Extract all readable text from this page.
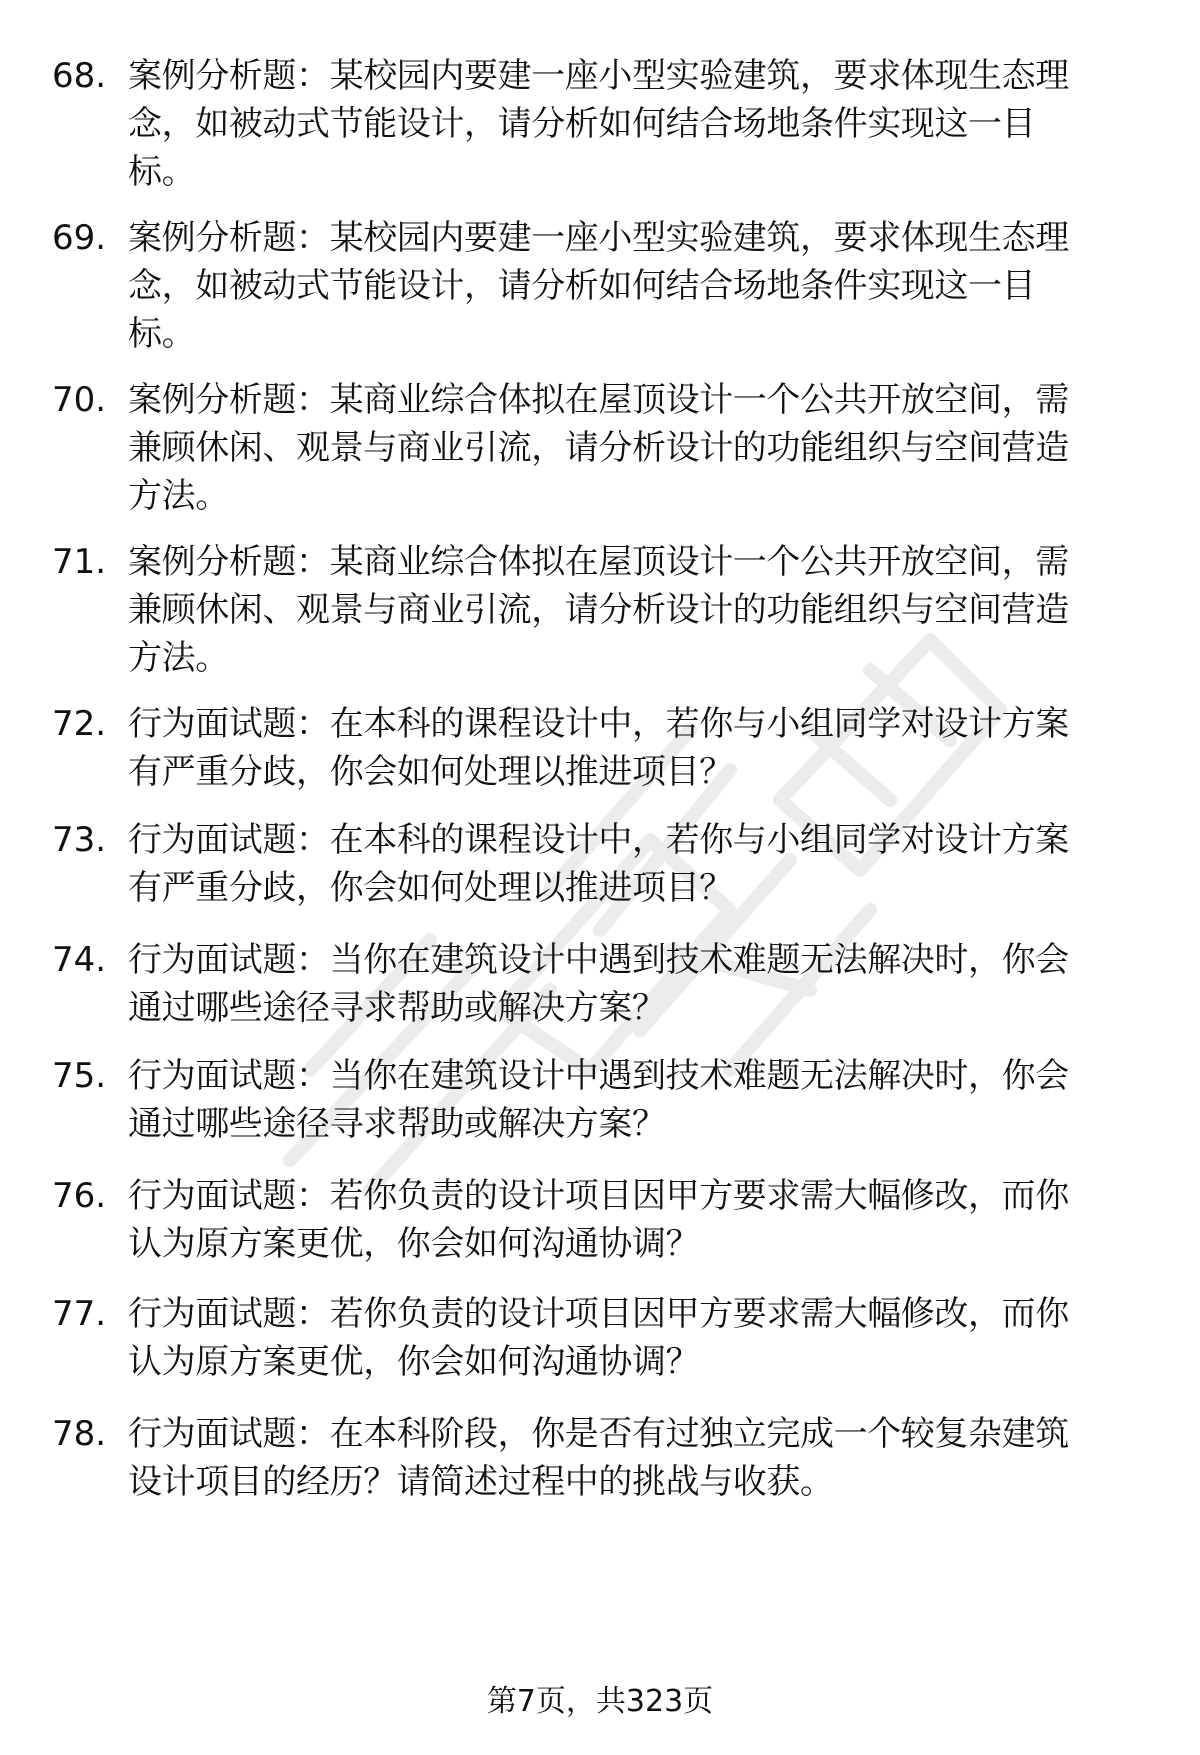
68. 案例分析题：某校园内要建一座小型实验建筑，要求体现生态理
念，如被动式节能设计，请分析如何结合场地条件实现这一目
标。
69. 案例分析题：某校园内要建一座小型实验建筑，要求体现生态理
念，如被动式节能设计，请分析如何结合场地条件实现这一目
标。
70. 案例分析题：某商业综合体拟在屋顶设计一个公共开放空间，需
兼顾休闲、观景与商业引流，请分析设计的功能组织与空间营造
方法。
71. 案例分析题：某商业综合体拟在屋顶设计一个公共开放空间，需
兼顾休闲、观景与商业引流，请分析设计的功能组织与空间营造
方法。
72. 行为面试题：在本科的课程设计中，若你与小组同学对设计方案
有严重分歧，你会如何处理以推进项目？
73. 行为面试题：在本科的课程设计中，若你与小组同学对设计方案
有严重分歧，你会如何处理以推进项目？
74. 行为面试题：当你在建筑设计中遇到技术难题无法解决时，你会
通过哪些途径寻求帮助或解决方案？
75. 行为面试题：当你在建筑设计中遇到技术难题无法解决时，你会
通过哪些途径寻求帮助或解决方案？
76. 行为面试题：若你负责的设计项目因甲方要求需大幅修改，而你
认为原方案更优，你会如何沟通协调？
77. 行为面试题：若你负责的设计项目因甲方要求需大幅修改，而你
认为原方案更优，你会如何沟通协调？
78. 行为面试题：在本科阶段，你是否有过独立完成一个较复杂建筑
设计项目的经历？请简述过程中的挑战与收获。
第7页，共323页
